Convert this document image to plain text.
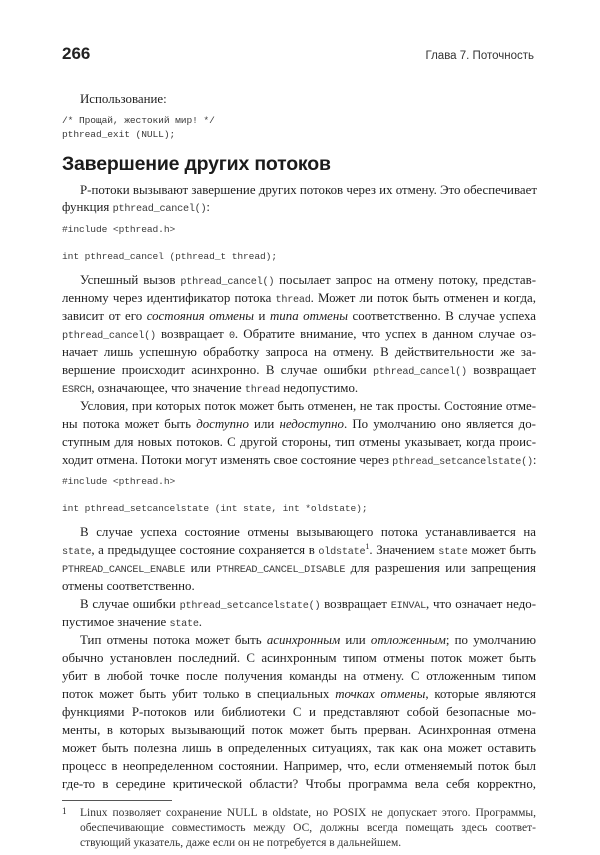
266	Глава 7. Поточность
Использование:
/* Прощай, жестокий мир! */
pthread_exit (NULL);
Завершение других потоков
P-потоки вызывают завершение других потоков через их отмену. Это обеспечивает
функция pthread_cancel():
#include <pthread.h>
int pthread_cancel (pthread_t thread);
Успешный вызов pthread_cancel() посылает запрос на отмену потоку, представ-
ленному через идентификатор потока thread. Может ли поток быть отменен и когда,
зависит от его состояния отмены и типа отмены соответственно. В случае успеха
pthread_cancel() возвращает 0. Обратите внимание, что успех в данном случае оз-
начает лишь успешную обработку запроса на отмену. В действительности же за-
вершение происходит асинхронно. В случае ошибки pthread_cancel() возвращает
ESRCH, означающее, что значение thread недопустимо.
Условия, при которых поток может быть отменен, не так просты. Состояние отме-
ны потока может быть доступно или недоступно. По умолчанию оно является до-
ступным для новых потоков. С другой стороны, тип отмены указывает, когда проис-
ходит отмена. Потоки могут изменять свое состояние через pthread_setcancelstate():
#include <pthread.h>
int pthread_setcancelstate (int state, int *oldstate);
В случае успеха состояние отмены вызывающего потока устанавливается на
state, а предыдущее состояние сохраняется в oldstate$^1$. Значением state может быть
PTHREAD_CANCEL_ENABLE или PTHREAD_CANCEL_DISABLE для разрешения или запрещения
отмены соответственно.
В случае ошибки pthread_setcancelstate() возвращает EINVAL, что означает недо-
пустимое значение state.
Тип отмены потока может быть асинхронным или отложенным; по умолчанию
обычно установлен последний. С асинхронным типом отмены поток может быть
убит в любой точке после получения команды на отмену. С отложенным типом
поток может быть убит только в специальных точках отмены, которые являются
функциями P-потоков или библиотеки C и представляют собой безопасные мо-
менты, в которых вызывающий поток может быть прерван. Асинхронная отмена
может быть полезна лишь в определенных ситуациях, так как она может оставить
процесс в неопределенном состоянии. Например, что, если отменяемый поток был
где-то в середине критической области? Чтобы программа вела себя корректно,
1 Linux позволяет сохранение NULL в oldstate, но POSIX не допускает этого. Программы,
обеспечивающие совместимость между ОС, должны всегда помещать здесь соответ-
ствующий указатель, даже если он не потребуется в дальнейшем.
